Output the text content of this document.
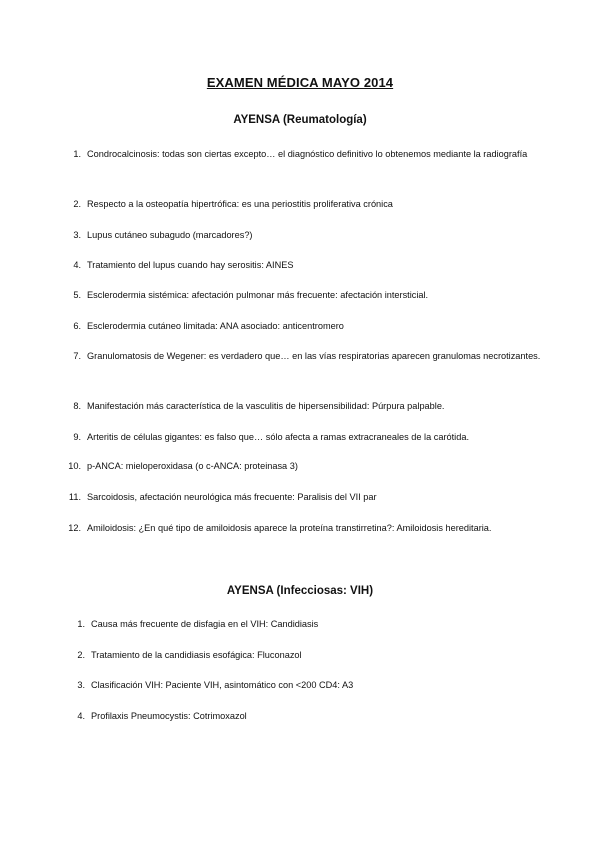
EXAMEN MÉDICA MAYO 2014
AYENSA (Reumatología)
1. Condrocalcinosis: todas son ciertas excepto… el diagnóstico definitivo lo obtenemos mediante la radiografía
2. Respecto a la osteopatía hipertrófica: es una periostitis proliferativa crónica
3. Lupus cutáneo subagudo (marcadores?)
4. Tratamiento del lupus cuando hay serositis: AINES
5. Esclerodermia sistémica: afectación pulmonar más frecuente: afectación intersticial.
6. Esclerodermia cutáneo limitada: ANA asociado: anticentromero
7. Granulomatosis de Wegener: es verdadero que… en las vías respiratorias aparecen granulomas necrotizantes.
8. Manifestación más característica de la vasculitis de hipersensibilidad: Púrpura palpable.
9. Arteritis de células gigantes: es falso que… sólo afecta a ramas extracraneales de la carótida.
10. p-ANCA: mieloperoxidasa (o c-ANCA: proteinasa 3)
11. Sarcoidosis, afectación neurológica más frecuente: Paralisis del VII par
12. Amiloidosis: ¿En qué tipo de amiloidosis aparece la proteína transtirretina?: Amiloidosis hereditaria.
AYENSA (Infecciosas: VIH)
1. Causa más frecuente de disfagia en el VIH: Candidiasis
2. Tratamiento de la candidiasis esofágica: Fluconazol
3. Clasificación VIH: Paciente VIH, asintomático con <200 CD4: A3
4. Profilaxis Pneumocystis: Cotrimoxazol
